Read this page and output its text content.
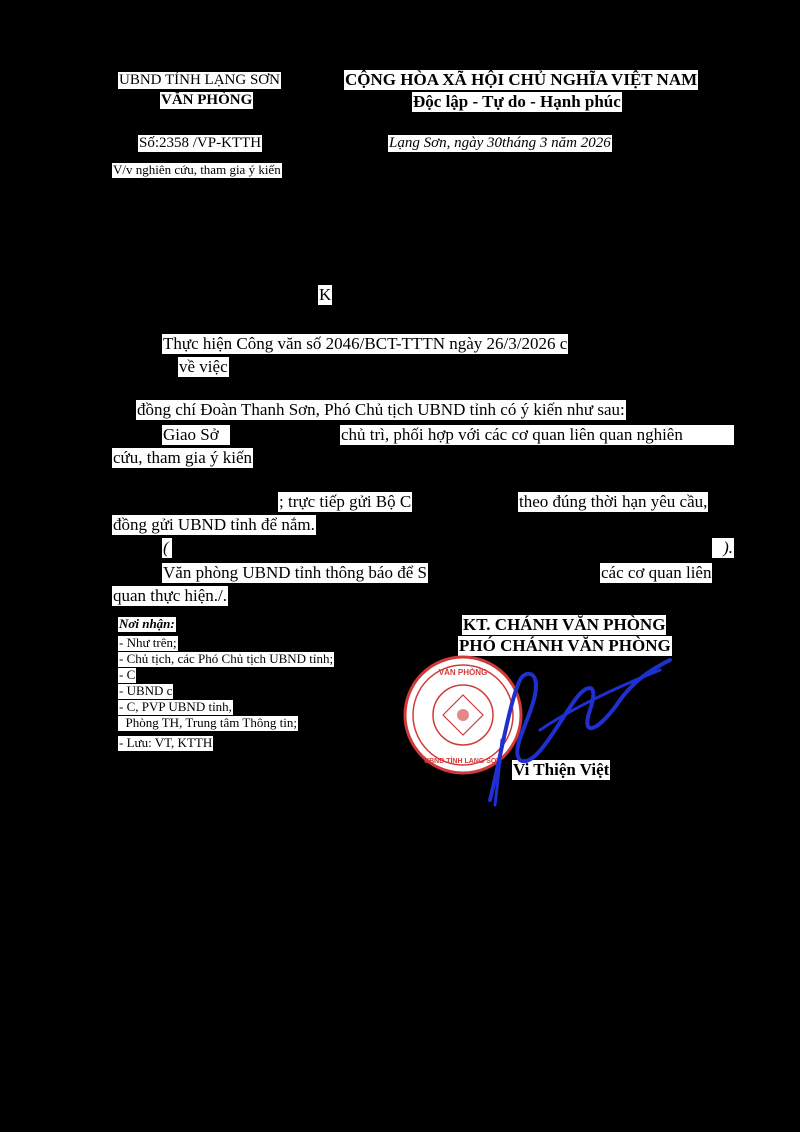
UBND TỈNH LẠNG SƠN
VĂN PHÒNG
CỘNG HÒA XÃ HỘI CHỦ NGHĨA VIỆT NAM
Độc lập - Tự do - Hạnh phúc
Số:2358 /VP-KTTH	Lạng Sơn, ngày 30tháng 3 năm 2026
V/v nghiên cứu, tham gia ý kiến
K
Thực hiện Công văn số 2046/BCT-TTTN ngày 26/3/2026 c
về việc
đồng chí Đoàn Thanh Sơn, Phó Chủ tịch UBND tỉnh có ý kiến như sau:
Giao Sở	chủ trì, phối hợp với các cơ quan liên quan nghiên
cứu, tham gia ý kiến
; trực tiếp gửi Bộ C	theo đúng thời hạn yêu cầu,
đồng gửi UBND tỉnh để nắm.
(	).
Văn phòng UBND tỉnh thông báo để S	các cơ quan liên
quan thực hiện./.
Nơi nhận:
- Như trên;
- Chủ tịch, các Phó Chủ tịch UBND tỉnh;
- C
- UBND c
- C, PVP UBND tỉnh,
Phòng TH, Trung tâm Thông tin;
- Lưu: VT, KTTH
KT. CHÁNH VĂN PHÒNG
PHÓ CHÁNH VĂN PHÒNG
Vi Thiện Việt
VĂN PHÒNG
UBND TỈNH LẠNG SƠN
